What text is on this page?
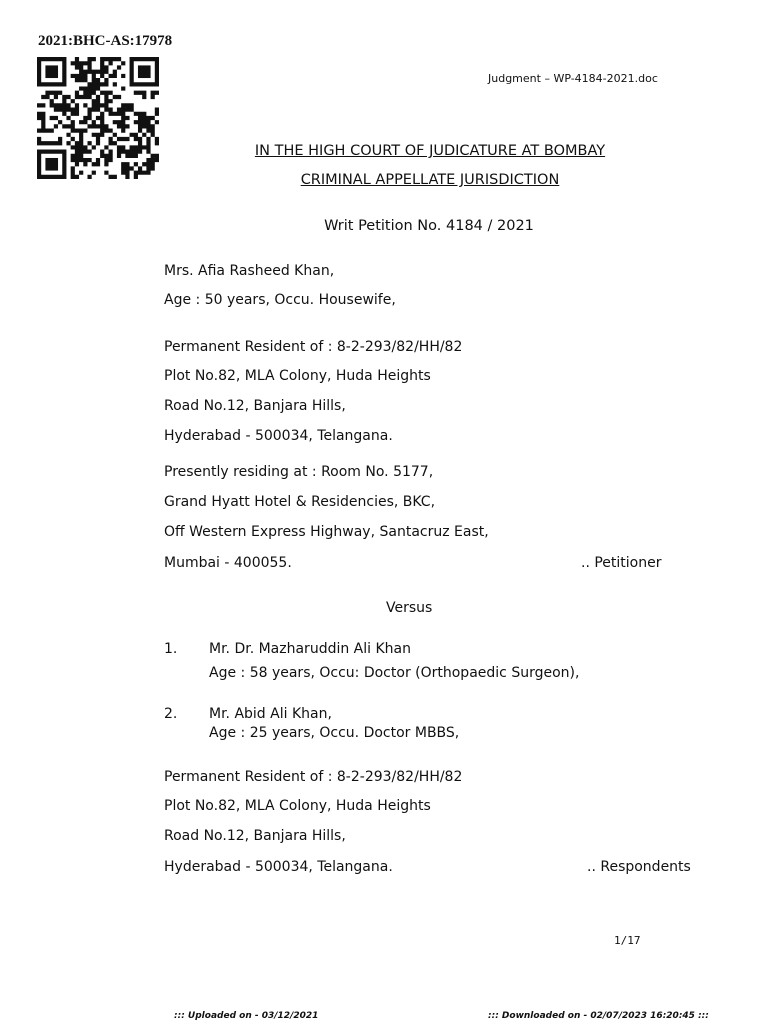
2021:BHC-AS:17978
Judgment – WP-4184-2021.doc
IN THE HIGH COURT OF JUDICATURE AT BOMBAY
CRIMINAL APPELLATE JURISDICTION
Writ Petition No. 4184 / 2021
Mrs. Afia Rasheed Khan,
Age : 50 years, Occu. Housewife,
Permanent Resident of : 8-2-293/82/HH/82
Plot No.82, MLA Colony, Huda Heights
Road No.12, Banjara Hills,
Hyderabad - 500034, Telangana.
Presently residing at : Room No. 5177,
Grand Hyatt Hotel & Residencies, BKC,
Off Western Express Highway, Santacruz East,
Mumbai - 400055.	.. Petitioner
Versus
1. Mr. Dr. Mazharuddin Ali Khan
Age : 58 years, Occu: Doctor (Orthopaedic Surgeon),
2. Mr. Abid Ali Khan,
Age : 25 years, Occu. Doctor MBBS,
Permanent Resident of : 8-2-293/82/HH/82
Plot No.82, MLA Colony, Huda Heights
Road No.12, Banjara Hills,
Hyderabad - 500034, Telangana.	.. Respondents
1/17
::: Uploaded on - 03/12/2021	::: Downloaded on - 02/07/2023 16:20:45 :::
